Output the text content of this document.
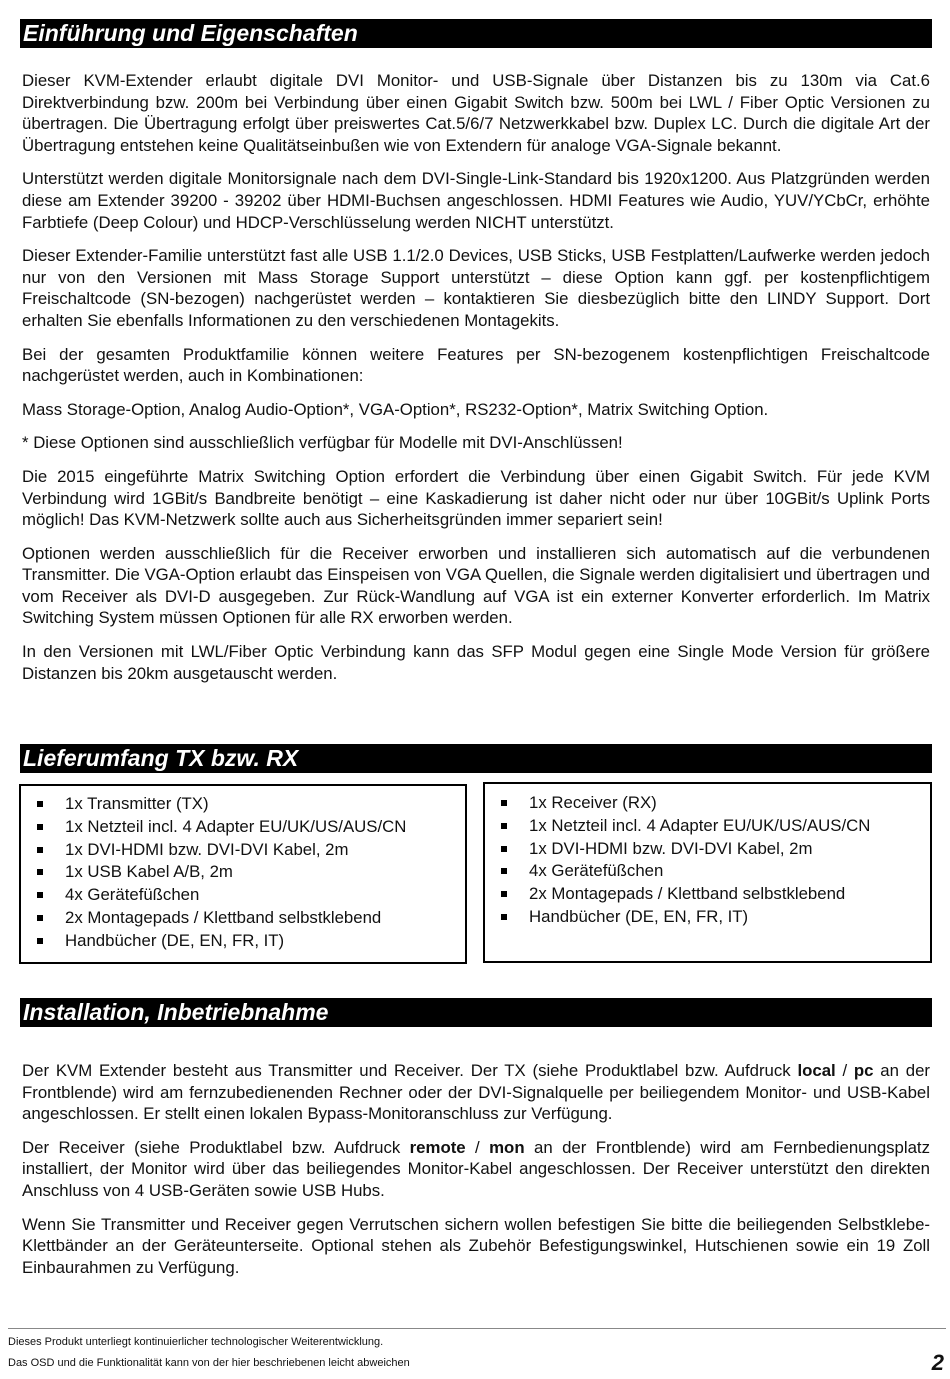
Einführung und Eigenschaften

Dieser KVM-Extender erlaubt digitale DVI Monitor- und USB-Signale über Distanzen bis zu 130m via Cat.6 Direktverbindung bzw. 200m bei Verbindung über einen Gigabit Switch bzw. 500m bei LWL / Fiber Optic Versionen zu übertragen. Die Übertragung erfolgt über preiswertes Cat.5/6/7 Netzwerkkabel bzw. Duplex LC. Durch die digitale Art der Übertragung entstehen keine Qualitätseinbußen wie von Extendern für analoge VGA-Signale bekannt.

Unterstützt werden digitale Monitorsignale nach dem DVI-Single-Link-Standard bis 1920x1200. Aus Platzgründen werden diese am Extender 39200 - 39202 über HDMI-Buchsen angeschlossen. HDMI Features wie Audio, YUV/YCbCr, erhöhte Farbtiefe (Deep Colour) und HDCP-Verschlüsselung werden NICHT unterstützt.

Dieser Extender-Familie unterstützt fast alle USB 1.1/2.0 Devices, USB Sticks, USB Festplatten/Laufwerke werden jedoch nur von den Versionen mit Mass Storage Support unterstützt – diese Option kann ggf. per kostenpflichtigem Freischaltcode (SN-bezogen) nachgerüstet werden – kontaktieren Sie diesbezüglich bitte den LINDY Support. Dort erhalten Sie ebenfalls Informationen zu den verschiedenen Montagekits.

Bei der gesamten Produktfamilie können weitere Features per SN-bezogenem kostenpflichtigen Freischaltcode nachgerüstet werden, auch in Kombinationen:

Mass Storage-Option, Analog Audio-Option*, VGA-Option*, RS232-Option*, Matrix Switching Option.

* Diese Optionen sind ausschließlich verfügbar für Modelle mit DVI-Anschlüssen!

Die 2015 eingeführte Matrix Switching Option erfordert die Verbindung über einen Gigabit Switch. Für jede KVM Verbindung wird 1GBit/s Bandbreite benötigt – eine Kaskadierung ist daher nicht oder nur über 10GBit/s Uplink Ports möglich! Das KVM-Netzwerk sollte auch aus Sicherheitsgründen immer separiert sein!

Optionen werden ausschließlich für die Receiver erworben und installieren sich automatisch auf die verbundenen Transmitter. Die VGA-Option erlaubt das Einspeisen von VGA Quellen, die Signale werden digitalisiert und übertragen und vom Receiver als DVI-D ausgegeben. Zur Rück-Wandlung auf VGA ist ein externer Konverter erforderlich. Im Matrix Switching System müssen Optionen für alle RX erworben werden.

In den Versionen mit LWL/Fiber Optic Verbindung kann das SFP Modul gegen eine Single Mode Version für größere Distanzen bis 20km ausgetauscht werden.

Lieferumfang TX bzw. RX
1x Transmitter (TX)
1x Netzteil incl. 4 Adapter EU/UK/US/AUS/CN
1x DVI-HDMI bzw. DVI-DVI Kabel, 2m
1x USB Kabel A/B, 2m
4x Gerätefüßchen
2x Montagepads / Klettband selbstklebend
Handbücher (DE, EN, FR, IT)
1x Receiver (RX)
1x Netzteil incl. 4 Adapter EU/UK/US/AUS/CN
1x DVI-HDMI bzw. DVI-DVI Kabel, 2m
4x Gerätefüßchen
2x Montagepads / Klettband selbstklebend
Handbücher (DE, EN, FR, IT)
Installation, Inbetriebnahme

Der KVM Extender besteht aus Transmitter und Receiver. Der TX (siehe Produktlabel bzw. Aufdruck local / pc an der Frontblende) wird am fernzubedienenden Rechner oder der DVI-Signalquelle per beiliegendem Monitor- und USB-Kabel angeschlossen. Er stellt einen lokalen Bypass-Monitoranschluss zur Verfügung.

Der Receiver (siehe Produktlabel bzw. Aufdruck remote / mon an der Frontblende) wird am Fernbedienungsplatz installiert, der Monitor wird über das beiliegendes Monitor-Kabel angeschlossen. Der Receiver unterstützt den direkten Anschluss von 4 USB-Geräten sowie USB Hubs.

Wenn Sie Transmitter und Receiver gegen Verrutschen sichern wollen befestigen Sie bitte die beiliegenden Selbstklebe-Klettbänder an der Geräteunterseite. Optional stehen als Zubehör Befestigungswinkel, Hutschienen sowie ein 19 Zoll Einbaurahmen zu Verfügung.

Dieses Produkt unterliegt kontinuierlicher technologischer Weiterentwicklung.
Das OSD und die Funktionalität kann von der hier beschriebenen leicht abweichen	2
